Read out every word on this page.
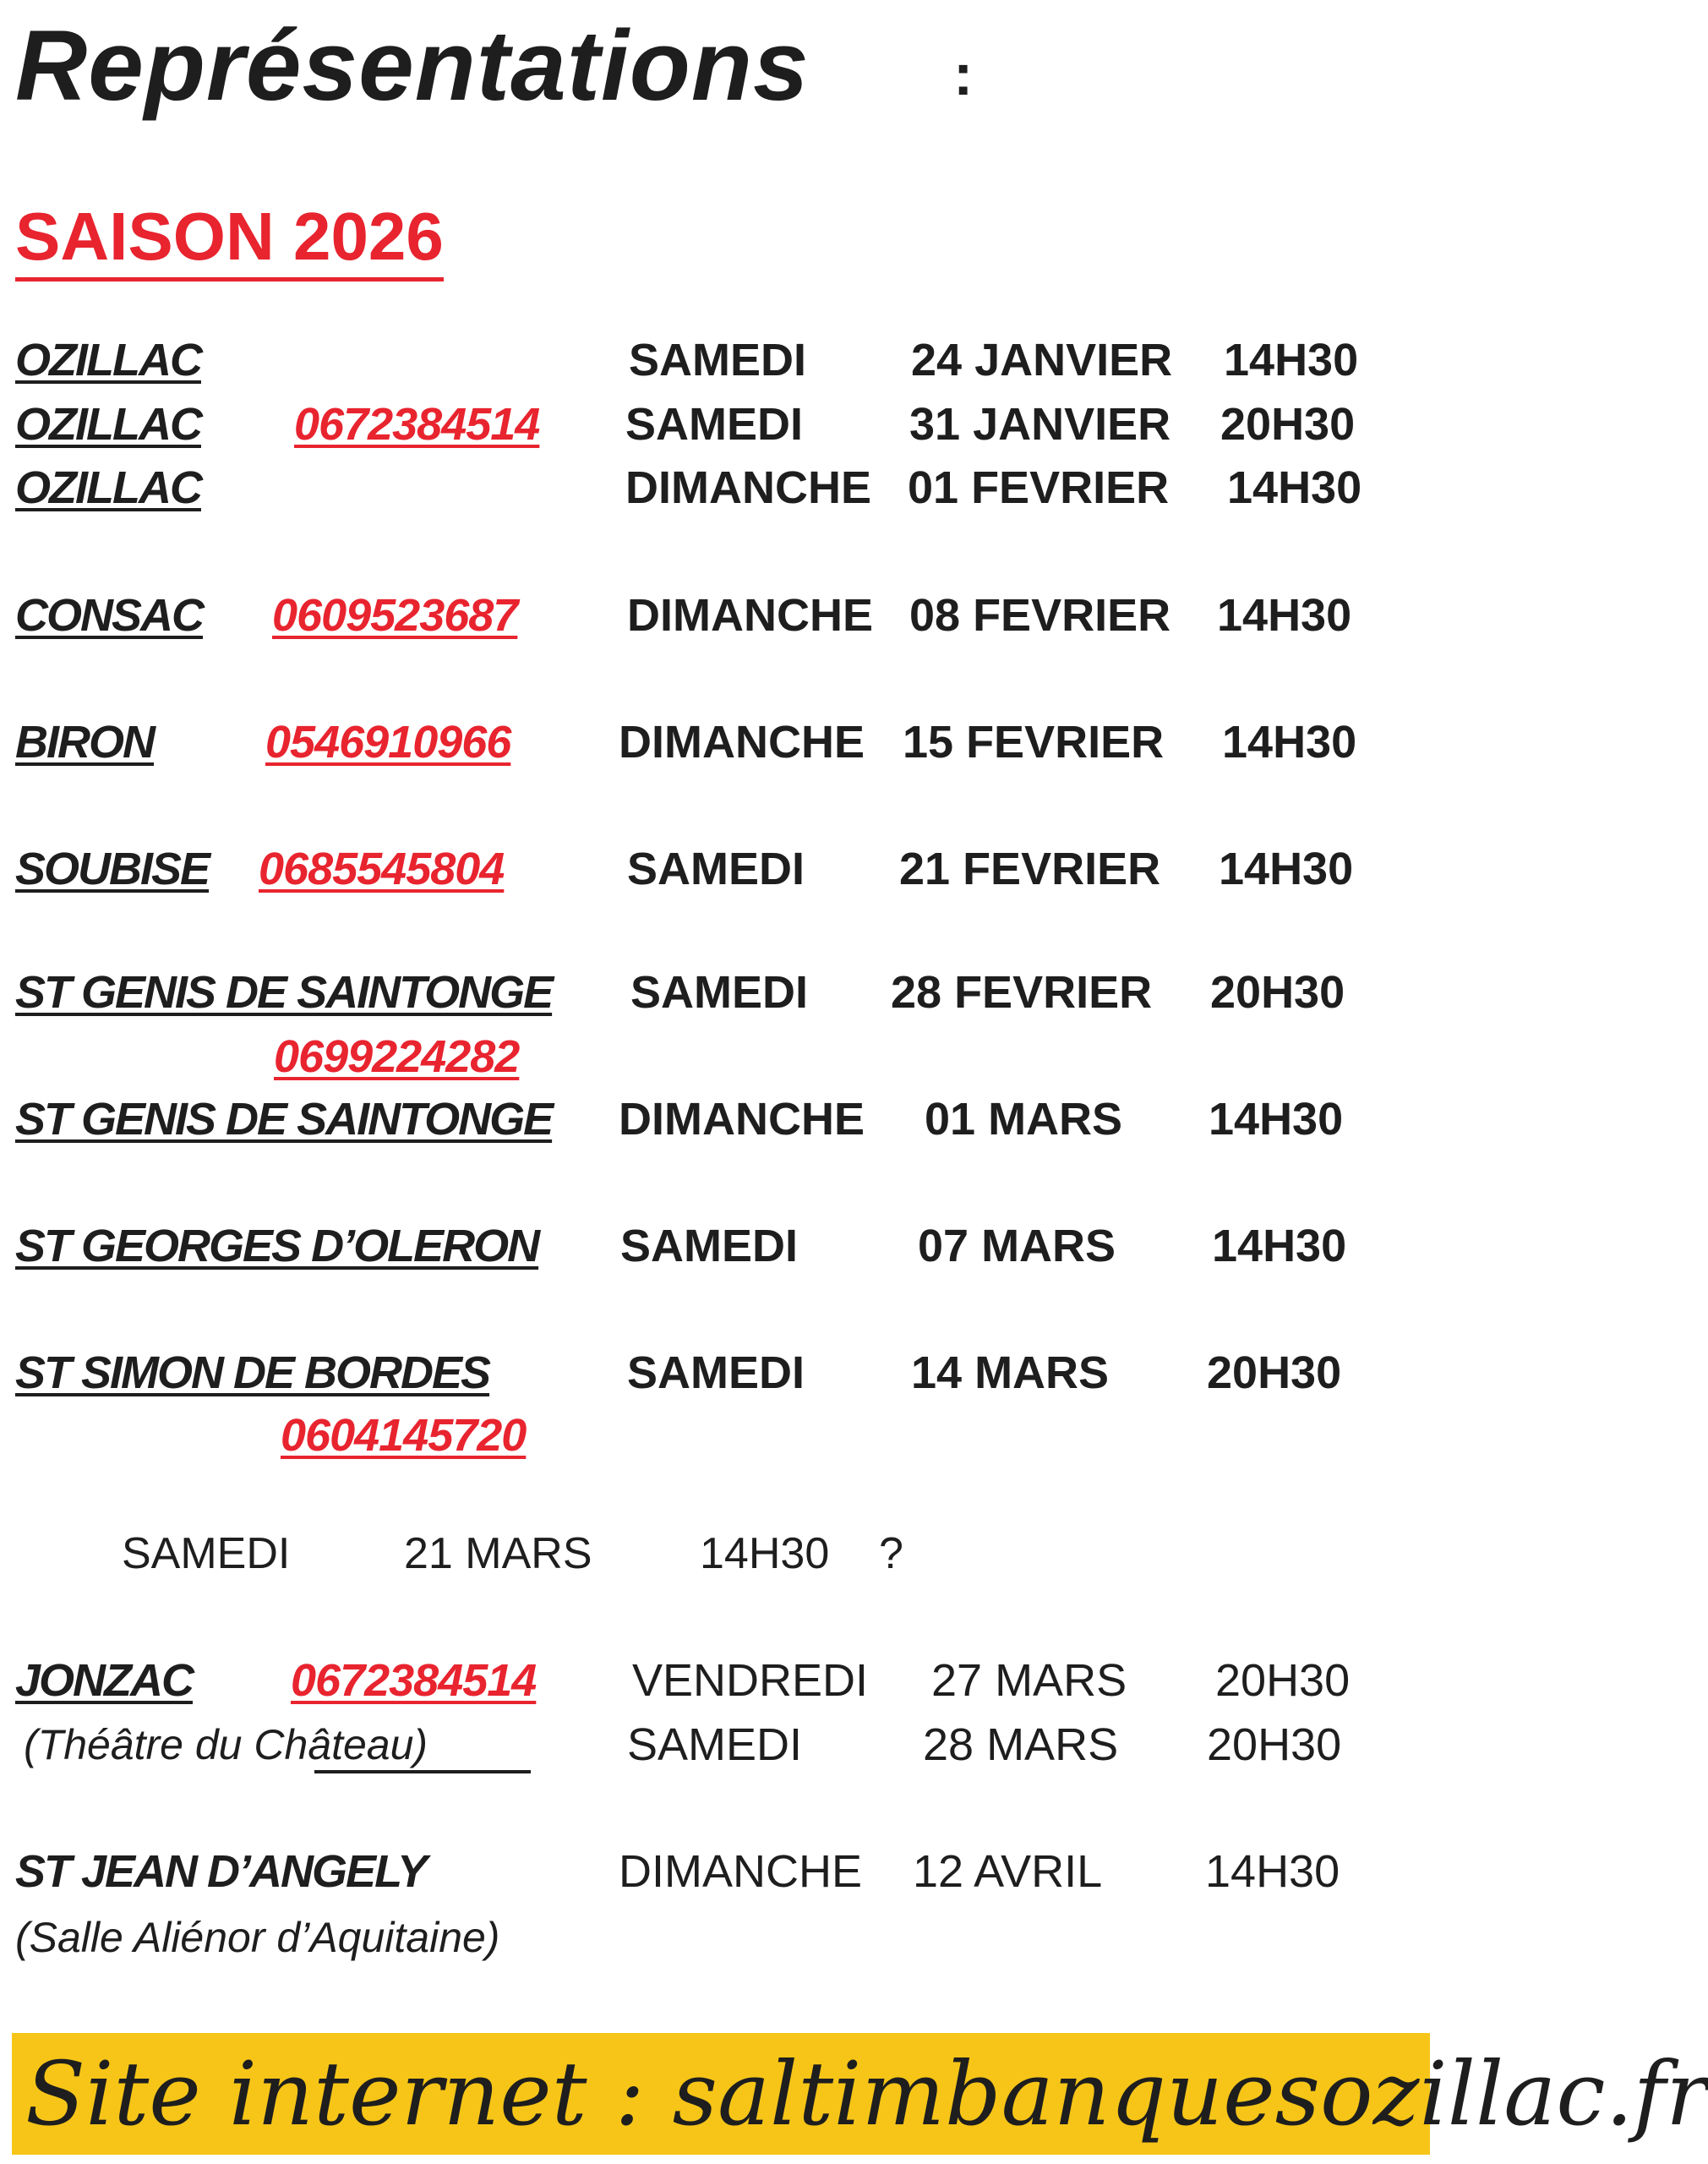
Représentations :
SAISON 2026
OZILLAC	SAMEDI 24 JANVIER 14H30
OZILLAC 0672384514 SAMEDI 31 JANVIER 20H30
OZILLAC	DIMANCHE 01 FEVRIER 14H30
CONSAC 0609523687 DIMANCHE 08 FEVRIER 14H30
BIRON 0546910966 DIMANCHE 15 FEVRIER 14H30
SOUBISE 0685545804	SAMEDI 21 FEVRIER 14H30
ST GENIS DE SAINTONGE SAMEDI 28 FEVRIER 20H30
0699224282
ST GENIS DE SAINTONGE DIMANCHE 01 MARS 14H30
ST GEORGES D’OLERON SAMEDI	07 MARS 14H30
ST SIMON DE BORDES	SAMEDI 14 MARS 20H30
0604145720
SAMEDI	21 MARS 14H30 ?
JONZAC 0672384514 VENDREDI 27 MARS 20H30
(Théâtre du Château)	SAMEDI	28 MARS 20H30
ST JEAN D’ANGELY	DIMANCHE 12 AVRIL 14H30
(Salle Aliénor d’Aquitaine)
Site internet : saltimbanquesozillac.fr
